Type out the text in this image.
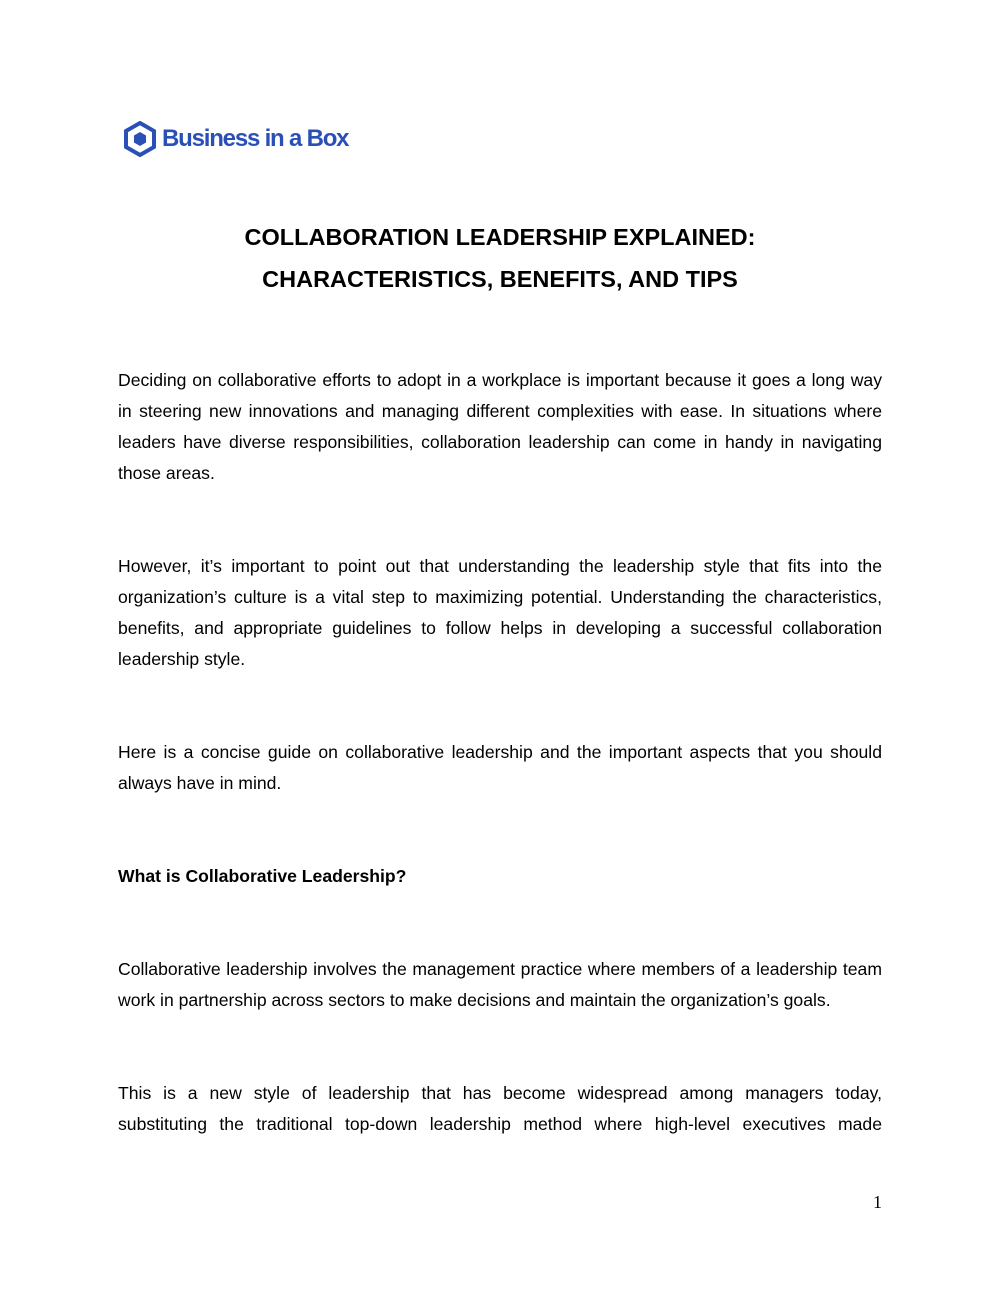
Business in a Box
COLLABORATION LEADERSHIP EXPLAINED:
CHARACTERISTICS, BENEFITS, AND TIPS

Deciding on collaborative efforts to adopt in a workplace is important because it goes a long way in steering new innovations and managing different complexities with ease. In situations where leaders have diverse responsibilities, collaboration leadership can come in handy in navigating those areas.

However, it’s important to point out that understanding the leadership style that fits into the organization’s culture is a vital step to maximizing potential. Understanding the characteristics, benefits, and appropriate guidelines to follow helps in developing a successful collaboration leadership style.

Here is a concise guide on collaborative leadership and the important aspects that you should always have in mind.

What is Collaborative Leadership?

Collaborative leadership involves the management practice where members of a leadership team work in partnership across sectors to make decisions and maintain the organization’s goals.

This is a new style of leadership that has become widespread among managers today, substituting the traditional top-down leadership method where high-level executives made

1
